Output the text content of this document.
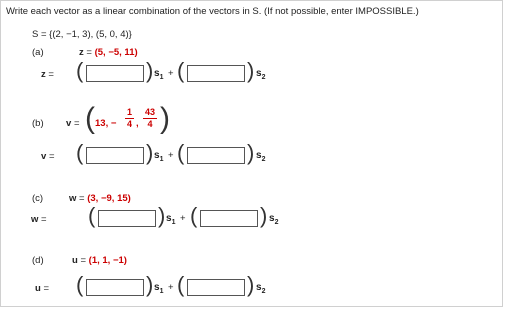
Write each vector as a linear combination of the vectors in S. (If not possible, enter IMPOSSIBLE.)
S = {(2, −1, 3), (5, 0, 4)}
(a)	z = (5, −5, 11)
z = (	) $s_1$ + (	) $s_2$
(b) v = ( 13, −
1
4 ,
43
4 )
v = (	) $s_1$ + (	) $s_2$
(c)	w = (3, −9, 15)
w = (	) $s_1$ + (	) $s_2$
(d)	u = (1, 1, −1)
u = (	) $s_1$ + (	) $s_2$
